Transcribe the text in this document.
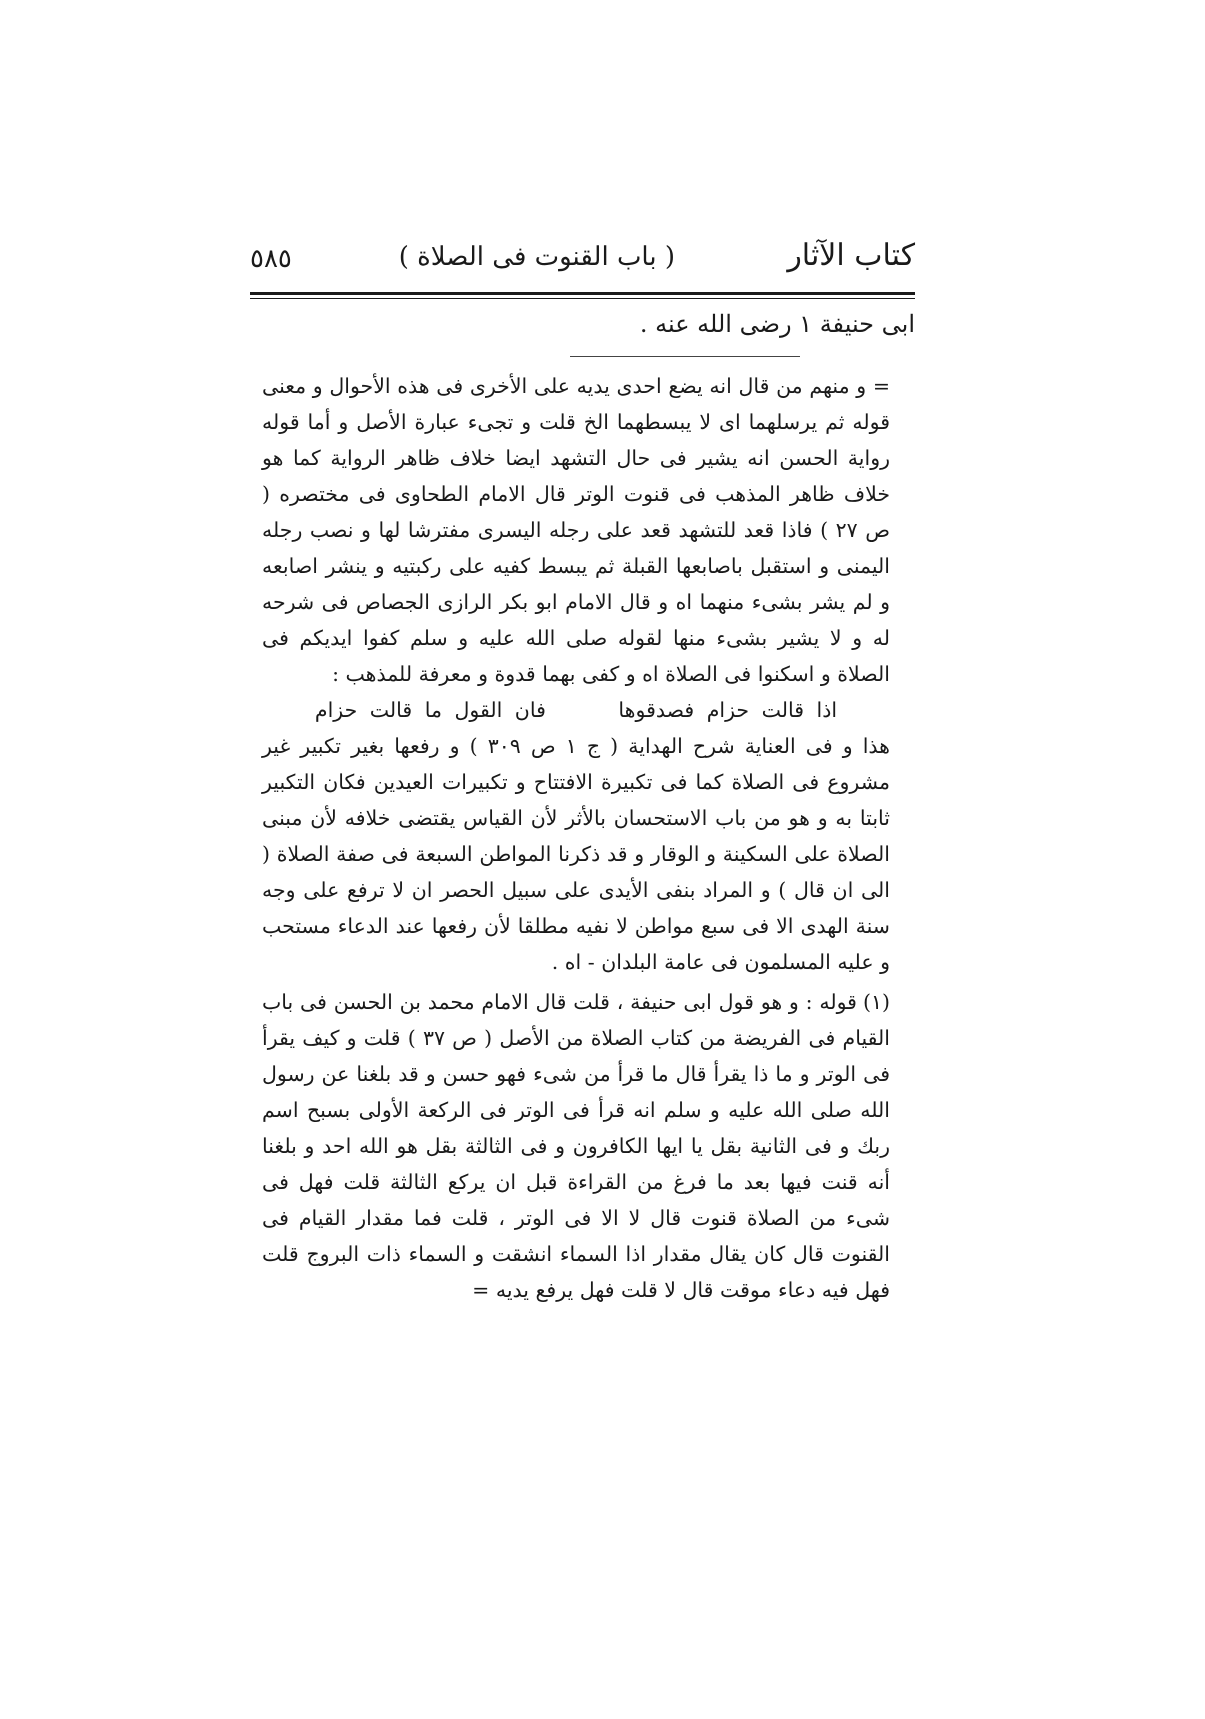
كتاب الآثار
( باب القنوت فى الصلاة )
٥٨٥
ابى حنيفة ١ رضى الله عنه .

= و منهم من قال انه يضع احدى يديه على الأخرى فى هذه الأحوال و معنى قوله ثم يرسلهما اى لا يبسطهما الخ قلت و تجىء عبارة الأصل و أما قوله رواية الحسن انه يشير فى حال التشهد ايضا خلاف ظاهر الرواية كما هو خلاف ظاهر المذهب فى قنوت الوتر قال الامام الطحاوى فى مختصره ( ص ٢٧ ) فاذا قعد للتشهد قعد على رجله اليسرى مفترشا لها و نصب رجله اليمنى و استقبل باصابعها القبلة ثم يبسط كفيه على ركبتيه و ينشر اصابعه و لم يشر بشىء منهما اه و قال الامام ابو بكر الرازى الجصاص فى شرحه له و لا يشير بشىء منها لقوله صلى الله عليه و سلم كفوا ايديكم فى الصلاة و اسكنوا فى الصلاة اه و كفى بهما قدوة و معرفة للمذهب :

اذا قالت حزام فصدقوها فان القول ما قالت حزام

هذا و فى العناية شرح الهداية ( ج ١ ص ٣٠٩ ) و رفعها بغير تكبير غير مشروع فى الصلاة كما فى تكبيرة الافتتاح و تكبيرات العيدين فكان التكبير ثابتا به و هو من باب الاستحسان بالأثر لأن القياس يقتضى خلافه لأن مبنى الصلاة على السكينة و الوقار و قد ذكرنا المواطن السبعة فى صفة الصلاة ( الى ان قال ) و المراد بنفى الأيدى على سبيل الحصر ان لا ترفع على وجه سنة الهدى الا فى سبع مواطن لا نفيه مطلقا لأن رفعها عند الدعاء مستحب و عليه المسلمون فى عامة البلدان - اه .

(١)قوله : و هو قول ابى حنيفة ، قلت قال الامام محمد بن الحسن فى باب القيام فى الفريضة من كتاب الصلاة من الأصل ( ص ٣٧ ) قلت و كيف يقرأ فى الوتر و ما ذا يقرأ قال ما قرأ من شىء فهو حسن و قد بلغنا عن رسول الله صلى الله عليه و سلم انه قرأ فى الوتر فى الركعة الأولى بسبح اسم ربك و فى الثانية بقل يا ايها الكافرون و فى الثالثة بقل هو الله احد و بلغنا أنه قنت فيها بعد ما فرغ من القراءة قبل ان يركع الثالثة قلت فهل فى شىء من الصلاة قنوت قال لا الا فى الوتر ، قلت فما مقدار القيام فى القنوت قال كان يقال مقدار اذا السماء انشقت و السماء ذات البروج قلت فهل فيه دعاء موقت قال لا قلت فهل يرفع يديه =
